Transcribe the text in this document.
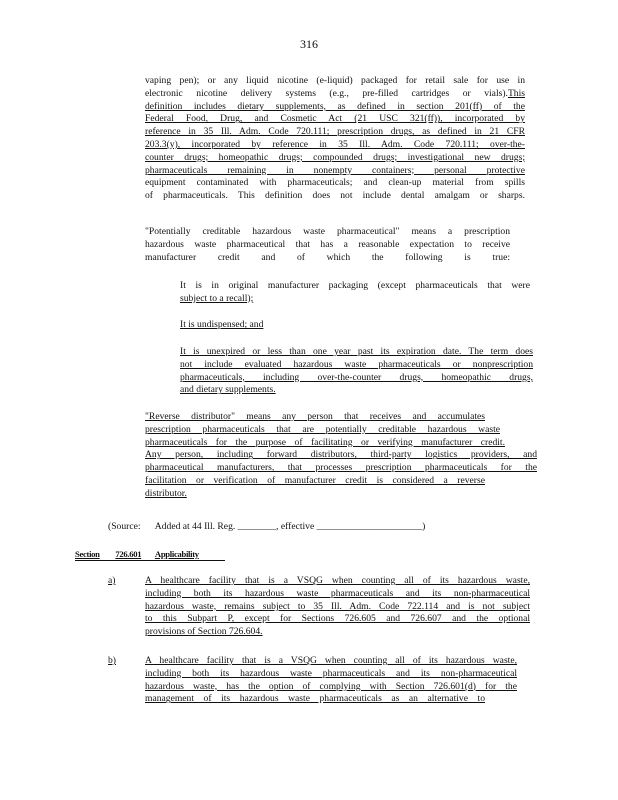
316

vaping pen); or any liquid nicotine (e-liquid) packaged for retail sale for use in

electronic nicotine delivery systems (e.g., pre-filled cartridges or vials).This

definition includes dietary supplements, as defined in section 201(ff) of the

Federal Food, Drug, and Cosmetic Act (21 USC 321(ff)), incorporated by

reference in 35 Ill. Adm. Code 720.111; prescription drugs, as defined in 21 CFR

203.3(y), incorporated by reference in 35 Ill. Adm. Code 720.111; over-the-

counter drugs; homeopathic drugs; compounded drugs; investigational new drugs;

pharmaceuticals remaining in nonempty containers; personal protective

equipment contaminated with pharmaceuticals; and clean-up material from spills

of pharmaceuticals. This definition does not include dental amalgam or sharps.

"Potentially creditable hazardous waste pharmaceutical" means a prescription

hazardous waste pharmaceutical that has a reasonable expectation to receive

manufacturer credit and of which the following is true:

It is in original manufacturer packaging (except pharmaceuticals that were

subject to a recall);

It is undispensed; and

It is unexpired or less than one year past its expiration date. The term does

not include evaluated hazardous waste pharmaceuticals or nonprescription

pharmaceuticals, including over-the-counter drugs, homeopathic drugs,

and dietary supplements.

"Reverse distributor" means any person that receives and accumulates

prescription pharmaceuticals that are potentially creditable hazardous waste

pharmaceuticals for the purpose of facilitating or verifying manufacturer credit.

Any person, including forward distributors, third-party logistics providers, and

pharmaceutical manufacturers, that processes prescription pharmaceuticals for the

facilitation or verification of manufacturer credit is considered a reverse

distributor.

(Source: Added at 44 Ill. Reg. ________, effective ______________________)
Section 726.601 Applicability
a)	A healthcare facility that is a VSQG when counting all of its hazardous waste,

including both its hazardous waste pharmaceuticals and its non-pharmaceutical

hazardous waste, remains subject to 35 Ill. Adm. Code 722.114 and is not subject

to this Subpart P, except for Sections 726.605 and 726.607 and the optional

provisions of Section 726.604.

b)	A healthcare facility that is a VSQG when counting all of its hazardous waste,

including both its hazardous waste pharmaceuticals and its non-pharmaceutical

hazardous waste, has the option of complying with Section 726.601(d) for the

management of its hazardous waste pharmaceuticals as an alternative to
